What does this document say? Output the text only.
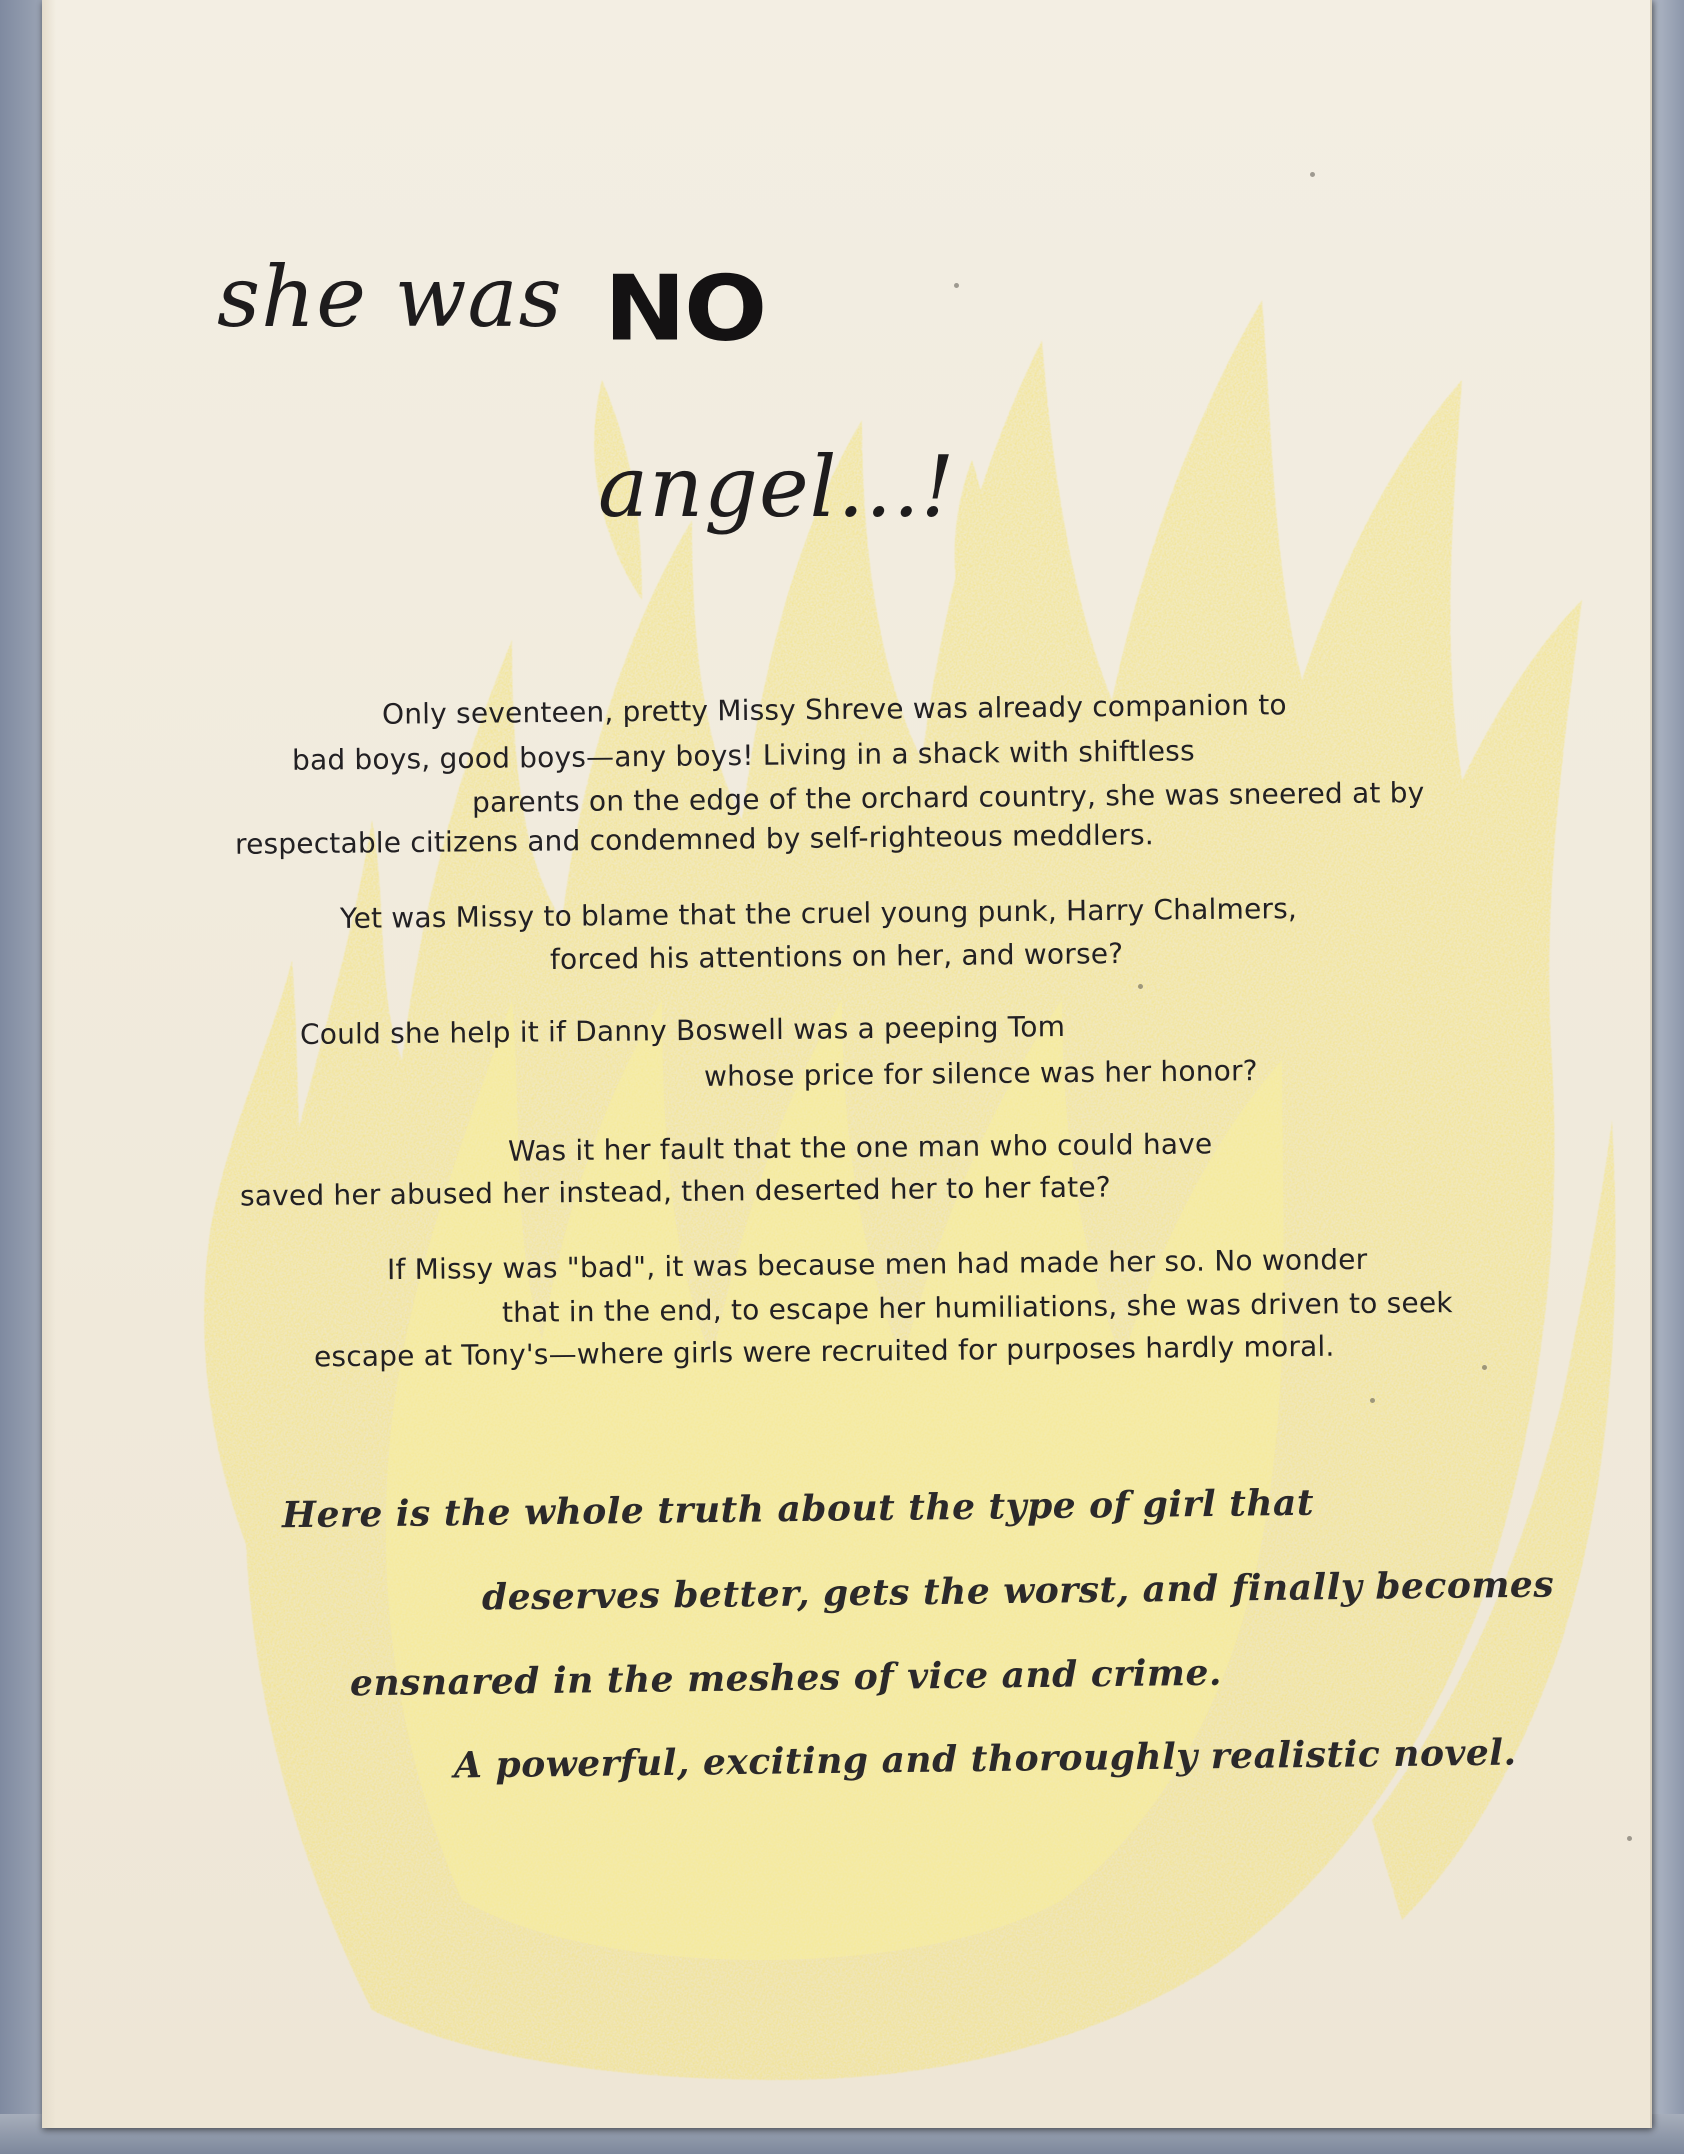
she was NO
angel...!
Only seventeen, pretty Missy Shreve was already companion to
bad boys, good boys—any boys! Living in a shack with shiftless
parents on the edge of the orchard country, she was sneered at by
respectable citizens and condemned by self-righteous meddlers.
Yet was Missy to blame that the cruel young punk, Harry Chalmers,
forced his attentions on her, and worse?
Could she help it if Danny Boswell was a peeping Tom
whose price for silence was her honor?
Was it her fault that the one man who could have
saved her abused her instead, then deserted her to her fate?
If Missy was "bad", it was because men had made her so. No wonder
that in the end, to escape her humiliations, she was driven to seek
escape at Tony's—where girls were recruited for purposes hardly moral.
Here is the whole truth about the type of girl that
deserves better, gets the worst, and finally becomes
ensnared in the meshes of vice and crime.
A powerful, exciting and thoroughly realistic novel.
